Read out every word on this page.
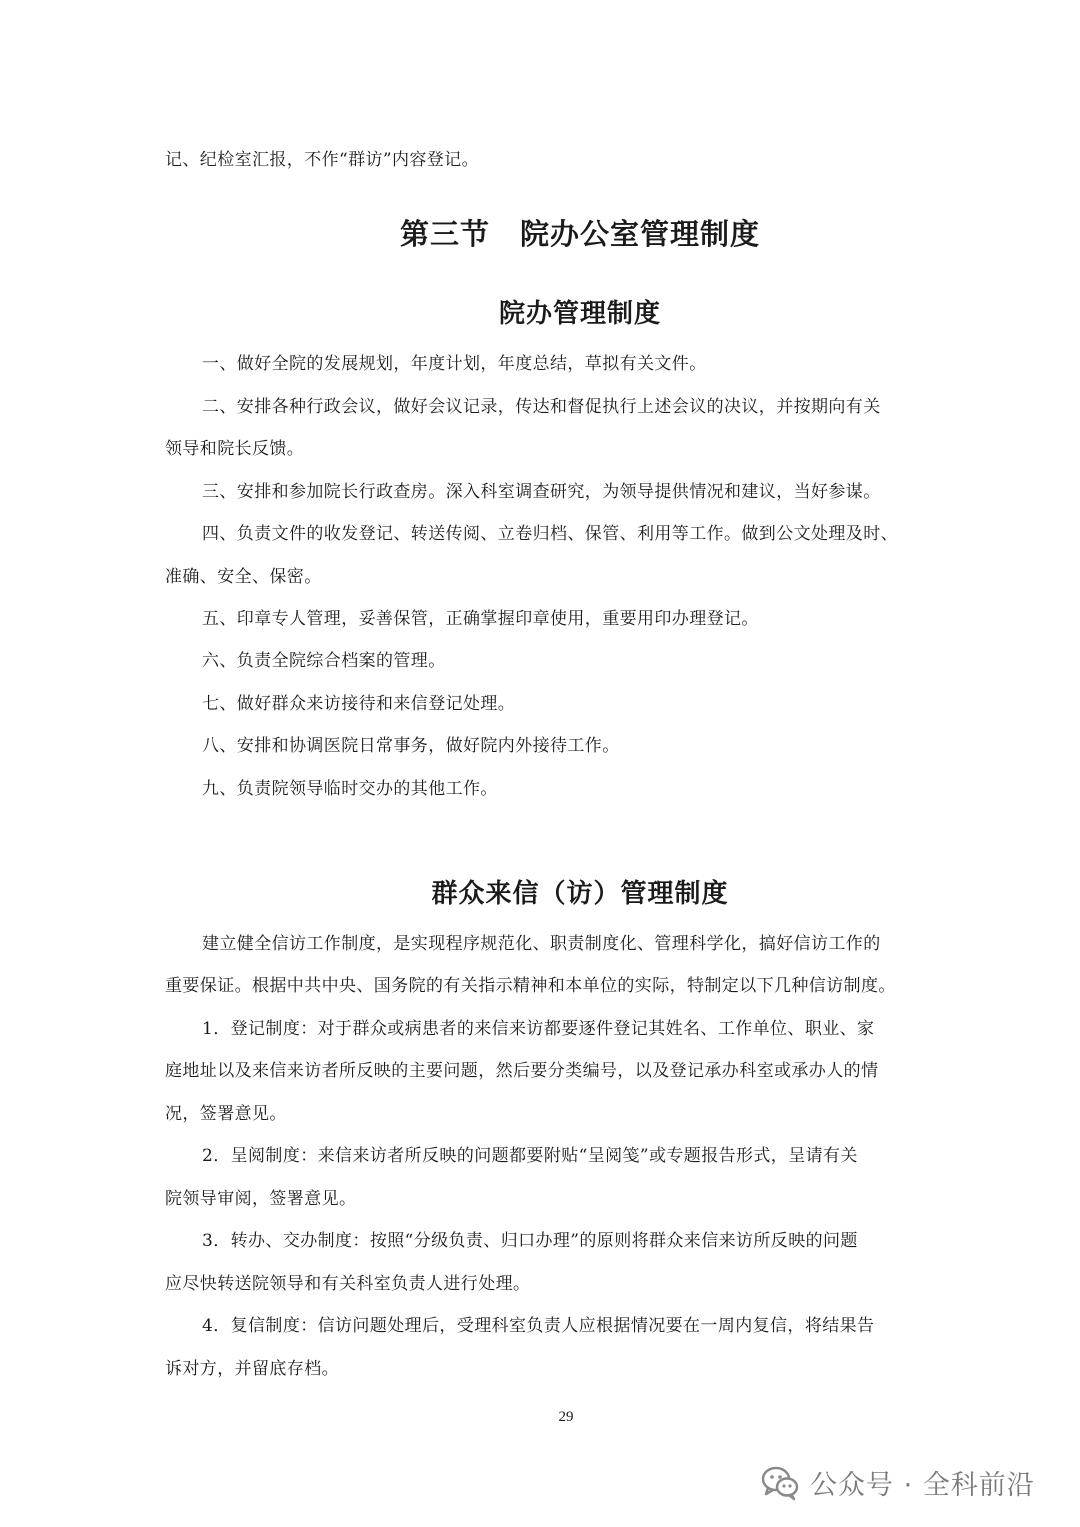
记、纪检室汇报，不作“群访”内容登记。
第三节　院办公室管理制度
院办管理制度
一、做好全院的发展规划，年度计划，年度总结，草拟有关文件。
二、安排各种行政会议，做好会议记录，传达和督促执行上述会议的决议，并按期向有关
领导和院长反馈。
三、安排和参加院长行政查房。深入科室调查研究，为领导提供情况和建议，当好参谋。
四、负责文件的收发登记、转送传阅、立卷归档、保管、利用等工作。做到公文处理及时、
准确、安全、保密。
五、印章专人管理，妥善保管，正确掌握印章使用，重要用印办理登记。
六、负责全院综合档案的管理。
七、做好群众来访接待和来信登记处理。
八、安排和协调医院日常事务，做好院内外接待工作。
九、负责院领导临时交办的其他工作。
群众来信（访）管理制度
建立健全信访工作制度，是实现程序规范化、职责制度化、管理科学化，搞好信访工作的
重要保证。根据中共中央、国务院的有关指示精神和本单位的实际，特制定以下几种信访制度。
1．登记制度：对于群众或病患者的来信来访都要逐件登记其姓名、工作单位、职业、家
庭地址以及来信来访者所反映的主要问题，然后要分类编号，以及登记承办科室或承办人的情
况，签署意见。
2．呈阅制度：来信来访者所反映的问题都要附贴“呈阅笺”或专题报告形式，呈请有关
院领导审阅，签署意见。
3．转办、交办制度：按照“分级负责、归口办理”的原则将群众来信来访所反映的问题
应尽快转送院领导和有关科室负责人进行处理。
4．复信制度：信访问题处理后，受理科室负责人应根据情况要在一周内复信，将结果告
诉对方，并留底存档。
29
公众号 · 全科前沿
